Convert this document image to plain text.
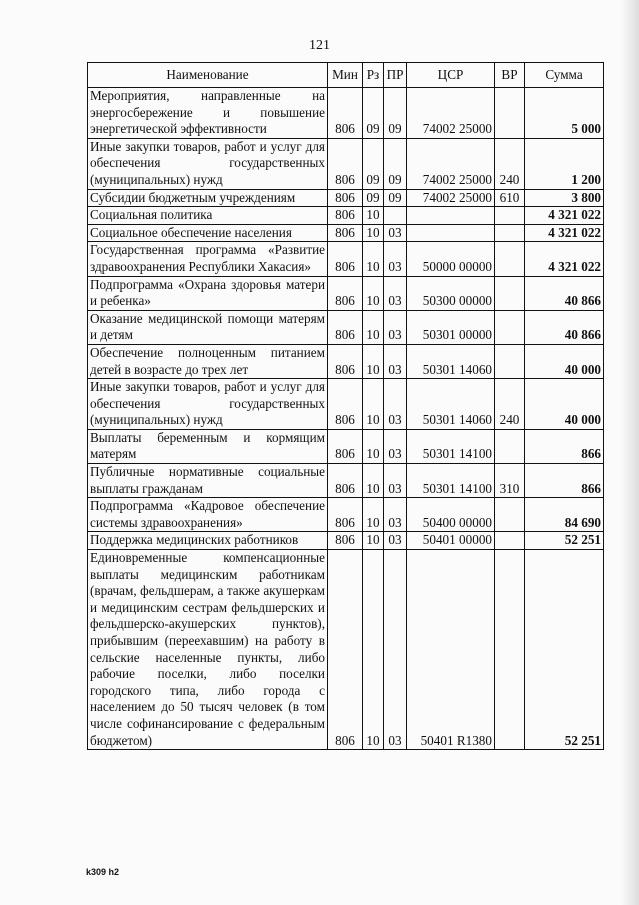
121
Наименование	Мин	Рз	ПР	ЦСР	ВР	Сумма
Мероприятия, направленные на энергосбережение и повышение энергетической эффективности	806	09	09	74002 25000		5 000
Иные закупки товаров, работ и услуг для обеспечения государственных (муниципальных) нужд	806	09	09	74002 25000	240	1 200
Субсидии бюджетным учреждениям	806	09	09	74002 25000	610	3 800
Социальная политика	806	10				4 321 022
Социальное обеспечение населения	806	10	03			4 321 022
Государственная программа «Развитие здравоохранения Республики Хакасия»	806	10	03	50000 00000		4 321 022
Подпрограмма «Охрана здоровья матери и ребенка»	806	10	03	50300 00000		40 866
Оказание медицинской помощи матерям и детям	806	10	03	50301 00000		40 866
Обеспечение полноценным питанием детей в возрасте до трех лет	806	10	03	50301 14060		40 000
Иные закупки товаров, работ и услуг для обеспечения государственных (муниципальных) нужд	806	10	03	50301 14060	240	40 000
Выплаты беременным и кормящим матерям	806	10	03	50301 14100		866
Публичные нормативные социальные выплаты гражданам	806	10	03	50301 14100	310	866
Подпрограмма «Кадровое обеспечение системы здравоохранения»	806	10	03	50400 00000		84 690
Поддержка медицинских работников	806	10	03	50401 00000		52 251
Единовременные компенсационные выплаты медицинским работникам (врачам, фельдшерам, а также акушеркам и медицинским сестрам фельдшерских и фельдшерско-акушерских пунктов), прибывшим (переехавшим) на работу в сельские населенные пункты, либо рабочие поселки, либо поселки городского типа, либо города с населением до 50 тысяч человек (в том числе софинансирование с федеральным бюджетом)	806	10	03	50401 R1380		52 251
k309 h2
